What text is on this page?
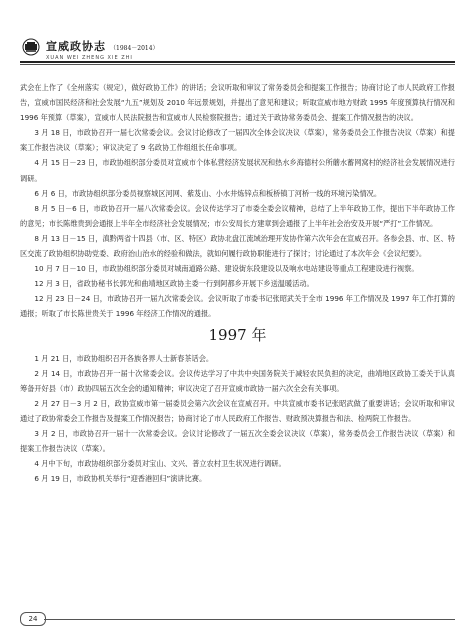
宣威政协志 （1984－2014）
XUAN WEI ZHENG XIE ZHI

武会在上作了《全州落实（规定），做好政协工作》的讲话；会议听取和审议了常务委员会和提案工作报告；协商讨论了市人民政府工作报告，宣威市国民经济和社会发展“九五”规划及 2010 年远景规划，并提出了意见和建议；听取宣威市地方财政 1995 年度预算执行情况和 1996 年预算（草案），宣威市人民法院报告和宣威市人民检察院报告；通过关于政协常务委员会、提案工作情况报告的决议。

3 月 18 日，市政协召开一届七次常委会议。会议讨论修改了一届四次全体会议决议（草案），常务委员会工作报告决议（草案）和提案工作报告决议（草案）；审议决定了 9 名政协工作组组长任命事项。

4 月 15 日－23 日，市政协组织部分委员对宣威市个体私营经济发展状况和热水乡海德村公所蘑水蓄网窝村的经济社会发展情况进行调研。

6 月 6 日，市政协组织部分委员视察城区河网、紫芨山、小水井炼锌点和板桥镇丁河桥一线的环境污染情况。

8 月 5 日－6 日，市政协召开一届八次常委会议。会议传达学习了市委全委会议精神，总结了上半年政协工作，提出下半年政协工作的意见；市长陈维贵到会通报上半年全市经济社会发展情况；市公安局长方建章到会通报了上半年社会治安及开展“严打”工作情况。

8 月 13 日－15 日，滇黔两省十四县（市、区、特区）政协北盘江流域治理开发协作第六次年会在宣威召开。各参会县、市、区、特区交流了政协组织协助党委、政府治山治水的经验和做法，就如何履行政协职能进行了探讨；讨论通过了本次年会《会议纪要》。

10 月 7 日－10 日，市政协组织部分委员对城南道路公路、建设街东段建设以及响水电站建设等重点工程建设进行视察。

12 月 3 日，省政协秘书长郭光和曲靖地区政协主委一行到阿都乡开展下乡送温暖活动。

12 月 23 日－24 日，市政协召开一届九次常委会议。会议听取了市委书记张昭武关于全市 1996 年工作情况及 1997 年工作打算的通报；听取了市长陈世贵关于 1996 年经济工作情况的通报。

1997 年

1 月 21 日，市政协组织召开各族各界人士新春茶话会。

2 月 14 日，市政协召开一届十次常委会议。会议传达学习了中共中央国务院关于减轻农民负担的决定，曲靖地区政协工委关于认真筹备开好县（市）政协四届五次全会的通知精神；审议决定了召开宣威市政协一届六次全会有关事项。

2 月 27 日－3 月 2 日，政协宣威市第一届委员会第六次会议在宣威召开。中共宣威市委书记张昭武做了重要讲话；会议听取和审议通过了政协常委会工作报告及提案工作情况报告；协商讨论了市人民政府工作报告、财政预决算报告和法、检两院工作报告。

3 月 2 日，市政协召开一届十一次常委会议。会议讨论修改了一届五次全委会议决议（草案），常务委员会工作报告决议（草案）和提案工作报告决议（草案）。

4 月中下旬，市政协组织部分委员对宝山、文兴、普立农村卫生状况进行调研。

6 月 19 日，市政协机关举行“迎香港回归”演讲比赛。

24
